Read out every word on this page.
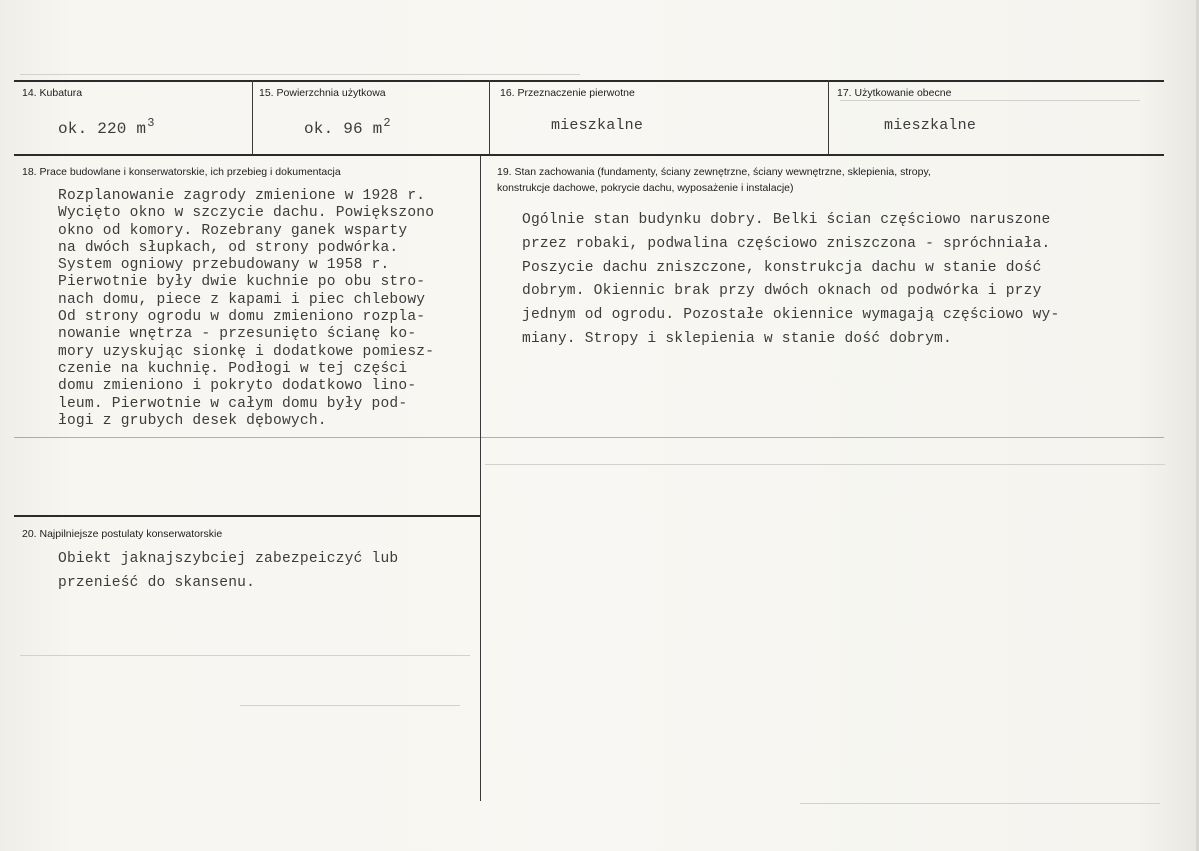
14. Kubatura
ok. 220 $m^3$
15. Powierzchnia użytkowa
ok. 96 $m^2$
16. Przeznaczenie pierwotne
mieszkalne
17. Użytkowanie obecne
mieszkalne
18. Prace budowlane i konserwatorskie, ich przebieg i dokumentacja
Rozplanowanie zagrody zmienione w 1928 r.
Wycięto okno w szczycie dachu. Powiększono
okno od komory. Rozebrany ganek wsparty
na dwóch słupkach, od strony podwórka.
System ogniowy przebudowany w 1958 r.
Pierwotnie były dwie kuchnie po obu stro-
nach domu, piece z kapami i piec chlebowy
Od strony ogrodu w domu zmieniono rozpla-
nowanie wnętrza - przesunięto ścianę ko-
mory uzyskując sionkę i dodatkowe pomiesz-
czenie na kuchnię. Podłogi w tej części
domu zmieniono i pokryto dodatkowo lino-
leum. Pierwotnie w całym domu były pod-
łogi z grubych desek dębowych.
19. Stan zachowania (fundamenty, ściany zewnętrzne, ściany wewnętrzne, sklepienia, stropy,
konstrukcje dachowe, pokrycie dachu, wyposażenie i instalacje)
Ogólnie stan budynku dobry. Belki ścian częściowo naruszone
przez robaki, podwalina częściowo zniszczona - spróchniała.
Poszycie dachu zniszczone, konstrukcja dachu w stanie dość
dobrym. Okiennic brak przy dwóch oknach od podwórka i przy
jednym od ogrodu. Pozostałe okiennice wymagają częściowo wy-
miany. Stropy i sklepienia w stanie dość dobrym.
20. Najpilniejsze postulaty konserwatorskie
Obiekt jaknajszybciej zabezpeiczyć lub
przenieść do skansenu.
